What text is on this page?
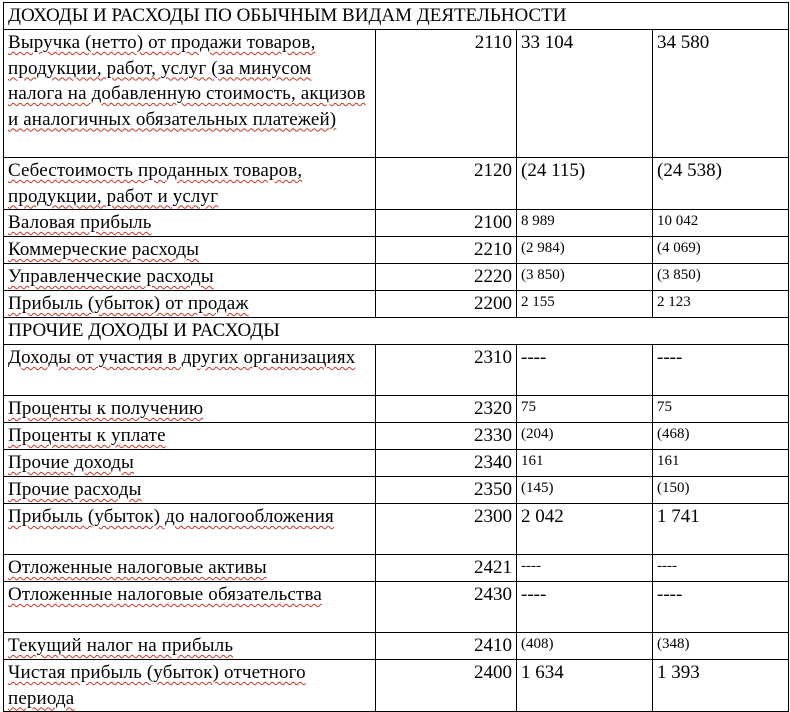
ДОХОДЫ И РАСХОДЫ ПО ОБЫЧНЫМ ВИДАМ ДЕЯТЕЛЬНОСТИ			
Выручка (нетто) от продажи товаров, продукции, работ, услуг (за минусом налога на добавленную стоимость, акцизов и аналогичных обязательных платежей)	2110	33 104	34 580
Себестоимость проданных товаров, продукции, работ и услуг	2120	(24 115)	(24 538)
Валовая прибыль	2100	8 989	10 042
Коммерческие расходы	2210	(2 984)	(4 069)
Управленческие расходы	2220	(3 850)	(3 850)
Прибыль (убыток) от продаж	2200	2 155	2 123
ПРОЧИЕ ДОХОДЫ И РАСХОДЫ			
Доходы от участия в других организациях	2310	----	----
Проценты к получению	2320	75	75
Проценты к уплате	2330	(204)	(468)
Прочие доходы	2340	161	161
Прочие расходы	2350	(145)	(150)
Прибыль (убыток) до налогообложения	2300	2 042	1 741
Отложенные налоговые активы	2421	----	----
Отложенные налоговые обязательства	2430	----	----
Текущий налог на прибыль	2410	(408)	(348)
Чистая прибыль (убыток) отчетного периода	2400	1 634	1 393
